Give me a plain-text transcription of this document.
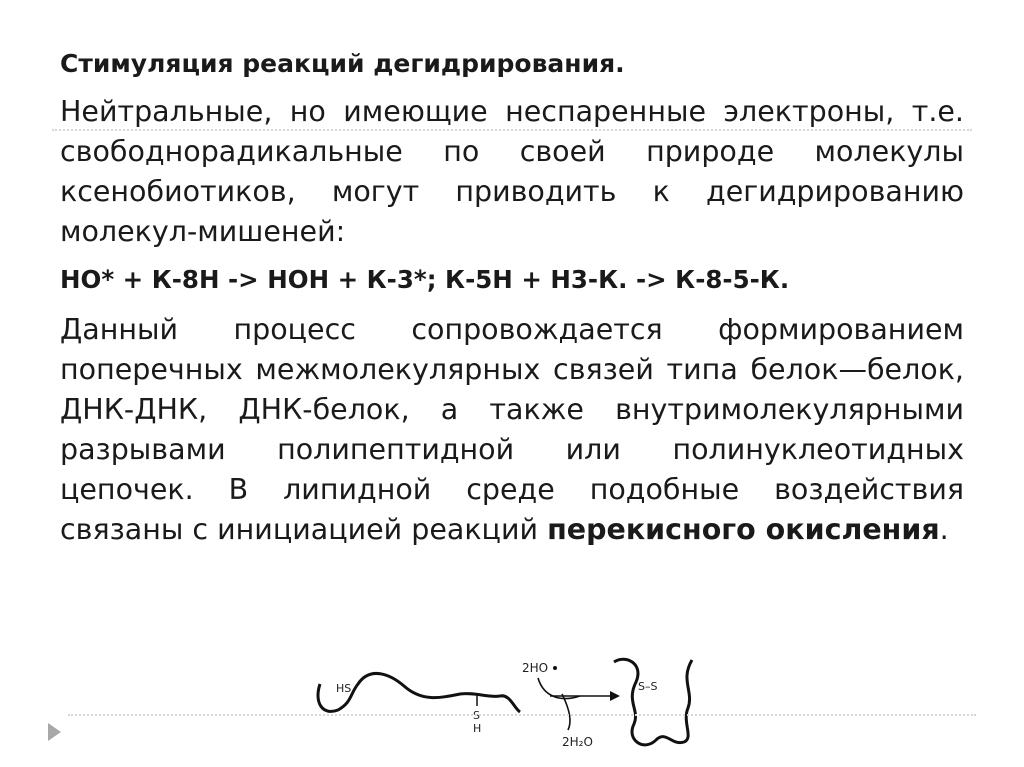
Стимуляция реакций дегидрирования.
Нейтральные, но имеющие неспаренные электроны, т.е. свободнорадикальные по своей природе молекулы ксенобиотиков, могут приводить к дегидрированию молекул-мишеней:
НО* + К-8Н -> НОН + К-3*; К-5Н + Н3-К. -> К-8-5-К.
Данный процесс сопровождается формированием поперечных межмолекулярных связей типа белок—белок, ДНК-ДНК, ДНК-белок, а также внутримолекулярными разрывами полипептидной или полинуклеотидных цепочек. В липидной среде подобные воздействия связаны с инициацией реакций перекисного окисления.
HS
S
H
2HO
2H₂O
S–S
